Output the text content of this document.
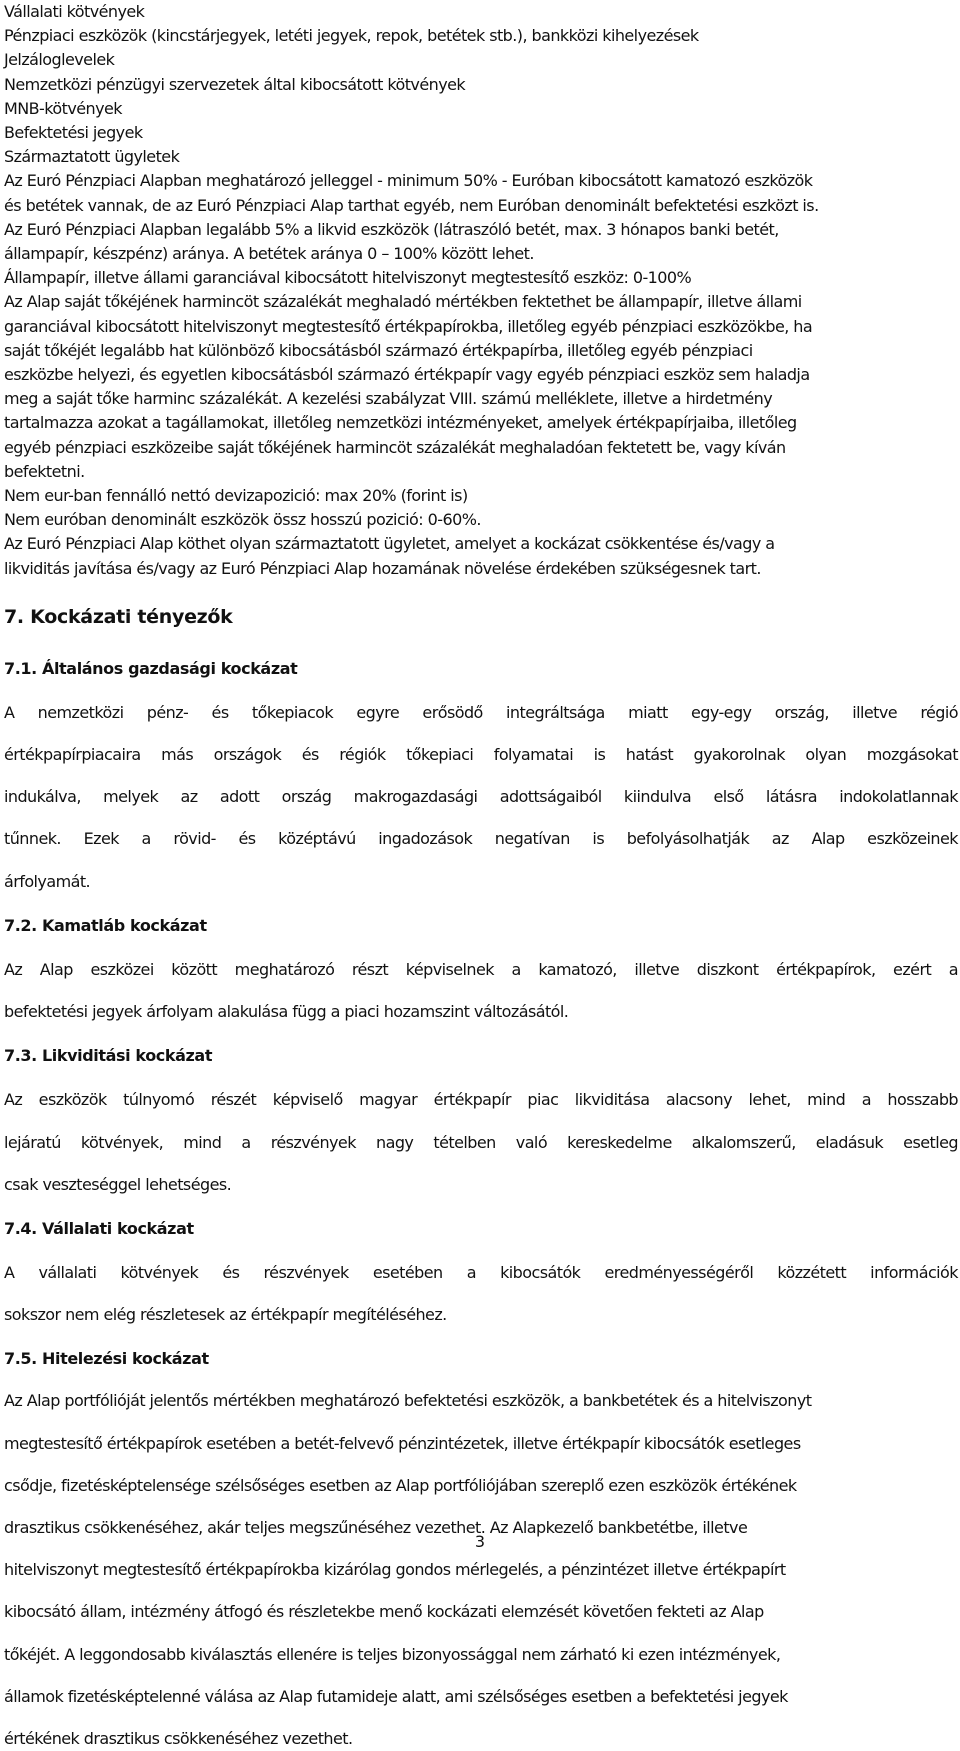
Vállalati kötvények

Pénzpiaci eszközök (kincstárjegyek, letéti jegyek, repok, betétek stb.), bankközi kihelyezések

Jelzáloglevelek

Nemzetközi pénzügyi szervezetek által kibocsátott kötvények

MNB-kötvények

Befektetési jegyek

Származtatott ügyletek

Az Euró Pénzpiaci Alapban meghatározó jelleggel - minimum 50% - Euróban kibocsátott kamatozó eszközök

és betétek vannak, de az Euró Pénzpiaci Alap tarthat egyéb, nem Euróban denominált befektetési eszközt is.

Az Euró Pénzpiaci Alapban legalább 5% a likvid eszközök (látraszóló betét, max. 3 hónapos banki betét,

állampapír, készpénz) aránya. A betétek aránya 0 – 100% között lehet.

Állampapír, illetve állami garanciával kibocsátott hitelviszonyt megtestesítő eszköz: 0-100%

Az Alap saját tőkéjének harmincöt százalékát meghaladó mértékben fektethet be állampapír, illetve állami

garanciával kibocsátott hitelviszonyt megtestesítő értékpapírokba, illetőleg egyéb pénzpiaci eszközökbe, ha

saját tőkéjét legalább hat különböző kibocsátásból származó értékpapírba, illetőleg egyéb pénzpiaci

eszközbe helyezi, és egyetlen kibocsátásból származó értékpapír vagy egyéb pénzpiaci eszköz sem haladja

meg a saját tőke harminc százalékát. A kezelési szabályzat VIII. számú melléklete, illetve a hirdetmény

tartalmazza azokat a tagállamokat, illetőleg nemzetközi intézményeket, amelyek értékpapírjaiba, illetőleg

egyéb pénzpiaci eszközeibe saját tőkéjének harmincöt százalékát meghaladóan fektetett be, vagy kíván

befektetni.

Nem eur-ban fennálló nettó devizapozició: max 20% (forint is)

Nem euróban denominált eszközök össz hosszú pozició: 0-60%.

Az Euró Pénzpiaci Alap köthet olyan származtatott ügyletet, amelyet a kockázat csökkentése és/vagy a

likviditás javítása és/vagy az Euró Pénzpiaci Alap hozamának növelése érdekében szükségesnek tart.

7. Kockázati tényezők
7.1. Általános gazdasági kockázat

A nemzetközi pénz- és tőkepiacok egyre erősödő integráltsága miatt egy-egy ország, illetve régió

értékpapírpiacaira más országok és régiók tőkepiaci folyamatai is hatást gyakorolnak olyan mozgásokat

indukálva, melyek az adott ország makrogazdasági adottságaiból kiindulva első látásra indokolatlannak

tűnnek. Ezek a rövid- és középtávú ingadozások negatívan is befolyásolhatják az Alap eszközeinek

árfolyamát.

7.2. Kamatláb kockázat

Az Alap eszközei között meghatározó részt képviselnek a kamatozó, illetve diszkont értékpapírok, ezért a

befektetési jegyek árfolyam alakulása függ a piaci hozamszint változásától.

7.3. Likviditási kockázat

Az eszközök túlnyomó részét képviselő magyar értékpapír piac likviditása alacsony lehet, mind a hosszabb

lejáratú kötvények, mind a részvények nagy tételben való kereskedelme alkalomszerű, eladásuk esetleg

csak veszteséggel lehetséges.

7.4. Vállalati kockázat

A vállalati kötvények és részvények esetében a kibocsátók eredményességéről közzétett információk

sokszor nem elég részletesek az értékpapír megítéléséhez.

7.5. Hitelezési kockázat

Az Alap portfólióját jelentős mértékben meghatározó befektetési eszközök, a bankbetétek és a hitelviszonyt

megtestesítő értékpapírok esetében a betét-felvevő pénzintézetek, illetve értékpapír kibocsátók esetleges

csődje, fizetésképtelensége szélsőséges esetben az Alap portfóliójában szereplő ezen eszközök értékének

drasztikus csökkenéséhez, akár teljes megszűnéséhez vezethet. Az Alapkezelő bankbetétbe, illetve

hitelviszonyt megtestesítő értékpapírokba kizárólag gondos mérlegelés, a pénzintézet illetve értékpapírt

kibocsátó állam, intézmény átfogó és részletekbe menő kockázati elemzését követően fekteti az Alap

tőkéjét. A leggondosabb kiválasztás ellenére is teljes bizonyossággal nem zárható ki ezen intézmények,

államok fizetésképtelenné válása az Alap futamideje alatt, ami szélsőséges esetben a befektetési jegyek

értékének drasztikus csökkenéséhez vezethet.

3
